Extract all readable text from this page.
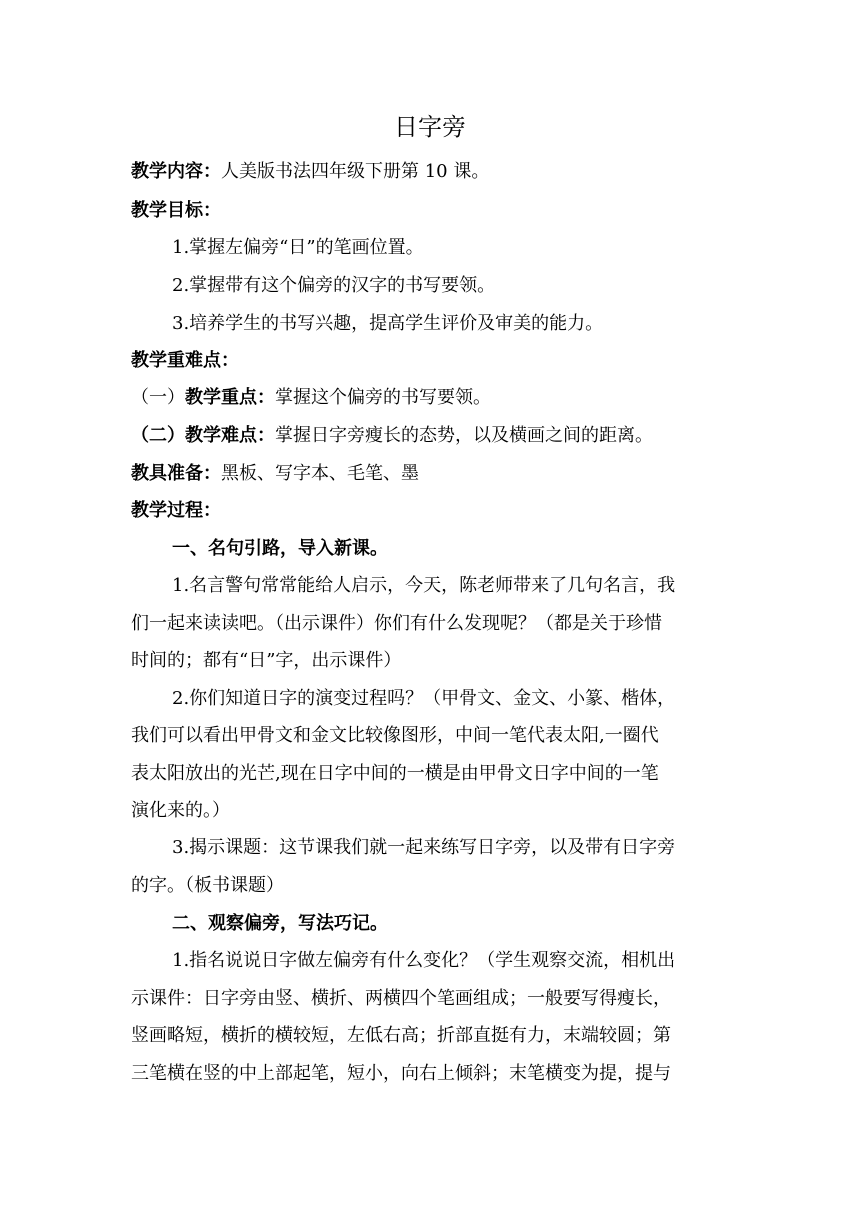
日字旁
教学内容：人美版书法四年级下册第 10 课。
教学目标：
1.掌握左偏旁“日”的笔画位置。
2.掌握带有这个偏旁的汉字的书写要领。
3.培养学生的书写兴趣，提高学生评价及审美的能力。
教学重难点：
（一）教学重点：掌握这个偏旁的书写要领。
（二）教学难点：掌握日字旁瘦长的态势，以及横画之间的距离。
教具准备：黑板、写字本、毛笔、墨
教学过程：
一、名句引路，导入新课。
1.名言警句常常能给人启示，今天，陈老师带来了几句名言，我
们一起来读读吧。（出示课件）你们有什么发现呢？（都是关于珍惜
时间的；都有“日”字，出示课件）
2.你们知道日字的演变过程吗？（甲骨文、金文、小篆、楷体，
我们可以看出甲骨文和金文比较像图形，中间一笔代表太阳,一圈代
表太阳放出的光芒,现在日字中间的一横是由甲骨文日字中间的一笔
演化来的。）
3.揭示课题：这节课我们就一起来练写日字旁，以及带有日字旁
的字。（板书课题）
二、观察偏旁，写法巧记。
1.指名说说日字做左偏旁有什么变化？（学生观察交流，相机出
示课件：日字旁由竖、横折、两横四个笔画组成；一般要写得瘦长，
竖画略短，横折的横较短，左低右高；折部直挺有力，末端较圆；第
三笔横在竖的中上部起笔，短小，向右上倾斜；末笔横变为提，提与
